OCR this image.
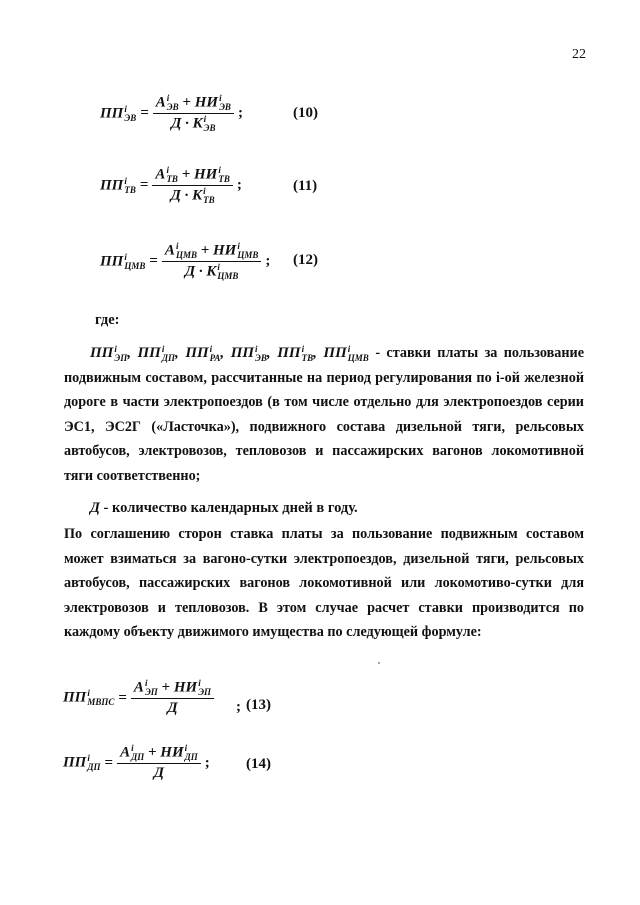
22
ПП i
ЭВ = A i
ЭВ + НИ i
ЭВ
Д · K i
ЭВ ;	(10)
ПП i
ТВ = A i
ТВ + НИ i
ТВ
Д · K i
ТВ ;	(11)
ПП i
ЦМВ = A i
ЦМВ + НИ i
ЦМВ
Д · K i
ЦМВ ; (12)
где:
ПП i
ЭП , ПП i
ДП , ПП i
РА , ПП i
ЭВ , ПП i
ТВ , ПП i
ЦМВ - ставки платы за пользование подвижным составом, рассчитанные на период регулирования по i-ой железной дороге в части электропоездов (в том числе отдельно для электропоездов серии ЭС1, ЭС2Г («Ласточка»), подвижного состава дизельной тяги, рельсовых автобусов, электровозов, тепловозов и пассажирских вагонов локомотивной тяги соответственно;
Д - количество календарных дней в году.
По соглашению сторон ставка платы за пользование подвижным составом может взиматься за вагоно-сутки электропоездов, дизельной тяги, рельсовых автобусов, пассажирских вагонов локомотивной или локомотиво-сутки для электровозов и тепловозов. В этом случае расчет ставки производится по каждому объекту движимого имущества по следующей формуле:
ПП i
МВПС = A i
ЭП + НИ i
ЭП
Д ; (13)
ПП i
ДП = A i
ДП + НИ i
ДП
Д ; (14)
